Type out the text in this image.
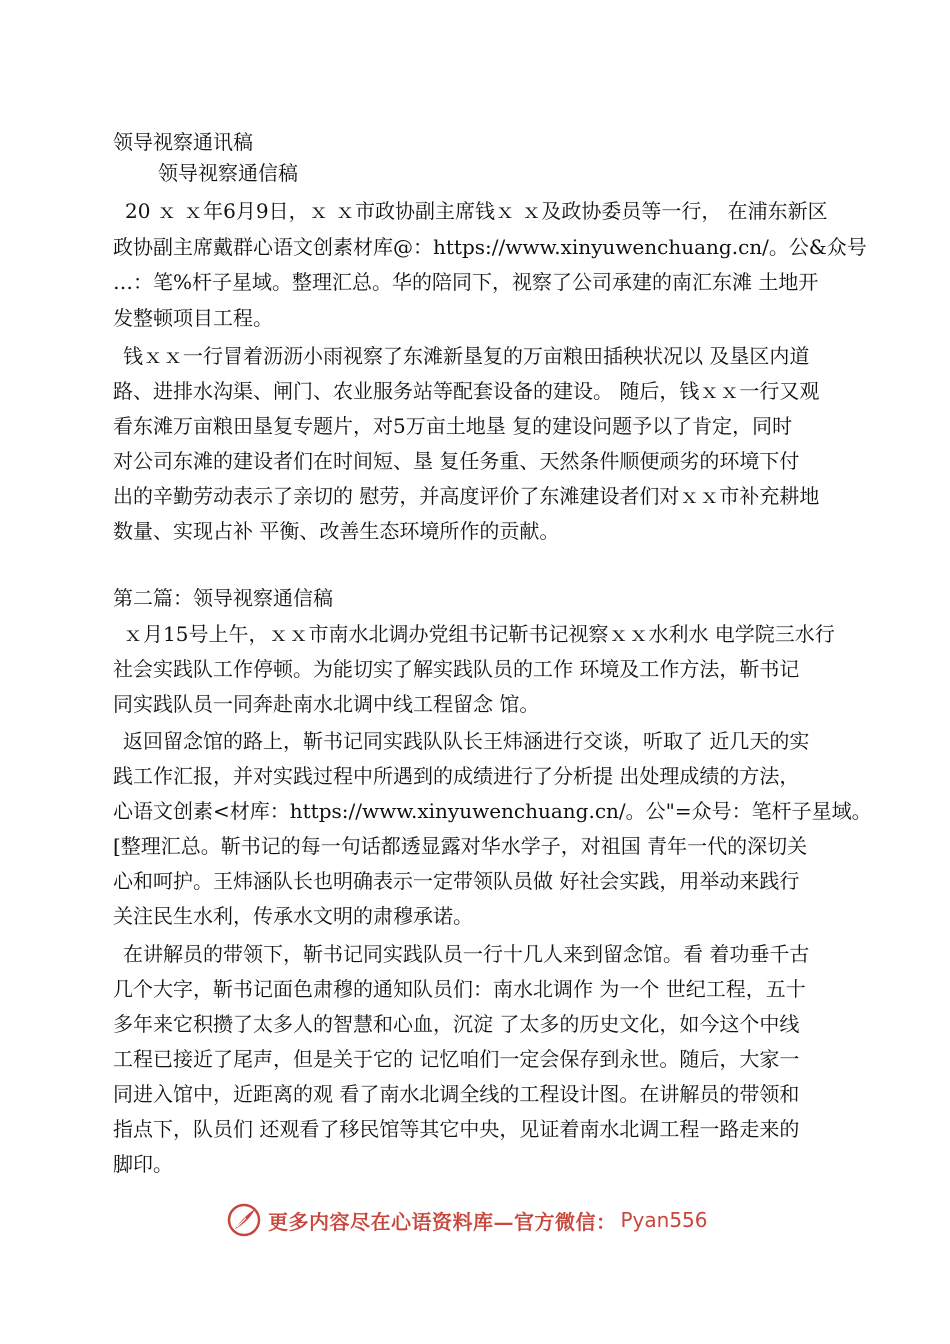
领导视察通讯稿
领导视察通信稿
20 ｘ ｘ年6月9日，ｘ ｘ市政协副主席钱ｘ ｘ及政协委员等一行， 在浦东新区
政协副主席戴群心语文创素材库@：https://www.xinyuwenchuang.cn/。公&众号
…：笔%杆子星域。整理汇总。华的陪同下，视察了公司承建的南汇东滩 土地开
发整顿项目工程。
钱ｘｘ一行冒着沥沥小雨视察了东滩新垦复的万亩粮田插秧状况以 及垦区内道
路、进排水沟渠、闸门、农业服务站等配套设备的建设。 随后，钱ｘｘ一行又观
看东滩万亩粮田垦复专题片，对5万亩土地垦 复的建设问题予以了肯定，同时
对公司东滩的建设者们在时间短、垦 复任务重、天然条件顺便顽劣的环境下付
出的辛勤劳动表示了亲切的 慰劳，并高度评价了东滩建设者们对ｘｘ市补充耕地
数量、实现占补 平衡、改善生态环境所作的贡献。
第二篇：领导视察通信稿
ｘ月15号上午，ｘｘ市南水北调办党组书记靳书记视察ｘｘ水利水 电学院三水行
社会实践队工作停顿。为能切实了解实践队员的工作 环境及工作方法，靳书记
同实践队员一同奔赴南水北调中线工程留念 馆。
返回留念馆的路上，靳书记同实践队队长王炜涵进行交谈，听取了 近几天的实
践工作汇报，并对实践过程中所遇到的成绩进行了分析提 出处理成绩的方法，
心语文创素<材库：https://www.xinyuwenchuang.cn/。公"=众号：笔杆子星域。
[整理汇总。靳书记的每一句话都透显露对华水学子，对祖国 青年一代的深切关
心和呵护。王炜涵队长也明确表示一定带领队员做 好社会实践，用举动来践行
关注民生水利，传承水文明的肃穆承诺。
在讲解员的带领下，靳书记同实践队员一行十几人来到留念馆。看 着功垂千古
几个大字，靳书记面色肃穆的通知队员们：南水北调作 为一个 世纪工程，五十
多年来它积攒了太多人的智慧和心血，沉淀 了太多的历史文化，如今这个中线
工程已接近了尾声，但是关于它的 记忆咱们一定会保存到永世。随后，大家一
同进入馆中，近距离的观 看了南水北调全线的工程设计图。在讲解员的带领和
指点下，队员们 还观看了移民馆等其它中央，见证着南水北调工程一路走来的
脚印。
更多内容尽在心语资料库—官方微信： Pyan556
